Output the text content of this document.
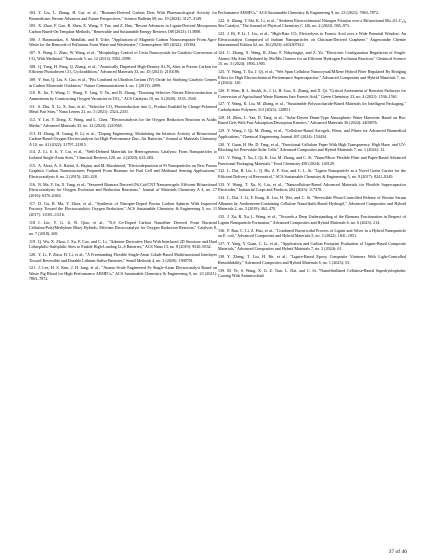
104. Y. Liu, L. Zhang, H. Cai, et al., "Biomass-Derived Carbon Dots With Pharmacological Activity for Biomedicine: Recent Advances and Future Perspectives," Science Bulletin 69, no. 19 (2024): 3127–3149.

105. X. Zhao, F. Gao, B. Shen, X. Wang, T. Yue, and Z. Han, "Recent Advances in Lignin-Derived Mesoporous Carbon Based-On Template Methods," Renewable and Sustainable Energy Reviews 188 (2023): 113808.

106. J. Baranauskas, S. Abdullah, and E. Uche, "Application of Magnetic Carbon Nanocomposite From Agro-Waste for the Removal of Pollutants From Water and Wastewater," Chemosphere 305 (2022): 135384.

107. S. Wang, L. Zhao, W. Wang, et al., "Morphology Control of Ceria Nanocrystals for Catalytic Conversion of CO₂ With Methanol," Nanoscale 5, no. 12 (2013): 5582–5588.

108. Q. Yang, H. Peng, Q. Zhang, et al., "Atomically Dispersed High-Density Al–N₄ Sites in Porous Carbon for Efficient Photodriven CO₂ Cycloaddition," Advanced Materials 33, no. 45 (2021): 2103186.

109. Y. Sun, Q. Liu, S. Gao, et al., "Pits Confined in Ultrathin Cerium (IV) Oxide for Studying Catalytic Centers in Carbon Monoxide Oxidation," Nature Communications 4, no. 1 (2013): 2899.

110. R. Jia, Y. Wang, C. Wang, Y. Ling, Y. Yu, and B. Zhang, "Boosting Selective Nitrate Electroreduction to Ammonium by Constructing Oxygen Vacancies in TiO₂," ACS Catalysis 10, no. 6 (2020): 3533–3540.

111. S. Zhu, X. Li, X. Jiao, et al., "Selective CO₂ Photoreduction into C₂ Product Enabled by Charge-Polarized Metal Pair Sites," Nano Letters 21, no. 5 (2021): 2324–2331.

112. Y. Lin, Y. Dong, X. Wang, and L. Chen, "Electrocatalysts for the Oxygen Reduction Reaction in Acidic Media," Advanced Materials 35, no. 22 (2023): 2210565.

113. H. Zhang, H. Guang, R. Li, et al., "Doping Engineering: Modulating the Intrinsic Activity of Bifunctional Carbon-Based Oxygen Electrocatalysts for High-Performance Zinc–Air Batteries," Journal of Materials Chemistry A 10, no. 41 (2022): 21797–21815.

114. Z. Li, S. Ji, Y. Liu, et al., "Well-Defined Materials for Heterogeneous Catalysis: From Nanoparticles to Isolated Single-Atom Sites," Chemical Reviews 120, no. 2 (2020): 623–682.

115. A. Afraz, A. A. Rafati, A. Hajian, and M. Khoshnood, "Electrodeposition of Pt Nanoparticles on New Porous Graphitic Carbon Nanostructures Prepared From Biomass for Fuel Cell and Methanol Sensing Applications," Electrocatalysis 6, no. 2 (2015): 220–228.

116. N. Ma, Y. Jia, X. Yang, et al., "Seaweed Biomass Derived (Ni,Co)/CNT Nanoaerogels: Efficient Bifunctional Electrocatalysts for Oxygen Evolution and Reduction Reactions," Journal of Materials Chemistry A 4, no. 17 (2016): 6376–6384.

117. D. Gu, R. Ma, Y. Zhou, et al., "Synthesis of Nitrogen-Doped Porous Carbon Spheres With Improved Porosity Toward the Electrocatalytic Oxygen Reduction," ACS Sustainable Chemistry & Engineering 5, no. 11 (2017): 11105–11116.

118. J. Lin, Y. G. Ji, B. Qiao, et al., "N,S Co-Doped Carbon Nanofiber Derived From Bacterial Cellulose/Poly(Methylene Blue) Hybrids: Efficient Electrocatalyst for Oxygen Reduction Reaction," Catalysts 8, no. 7 (2018): 269.

119. Q. Wu, X. Zhou, J. Xu, F. Cao, and C. Li, "Adenine Derivative Host With Interlaced 2D Structure and Dual Lithiophilic-Sulfiphilic Sites to Enable High-Loading Li–S Batteries," ACS Nano 13, no. 8 (2019): 9520–9532.

120. Y. Li, F. Zhou, H. Li, et al., "A Freestanding Flexible Single-Atom Cobalt-Based Multifunctional Interlayer Toward Reversible and Durable Lithium-Sulfur Batteries," Small Methods 4, no. 3 (2020): 1900701.

121. J. Lee, H. S. Kim, J. H. Jang, et al., "Atomic-Scale Engineered Fe Single-Atom Electrocatalyst Based on Waste Pig Blood for High-Performance AEMFCs," ACS Sustainable Chemistry & Engineering 9, no. 23 (2021): 7863–7872.

Performance AEMFCs," ACS Sustainable Chemistry & Engineering 9, no. 23 (2021): 7863–7872.

122. S. Zhang, T. Shi, K. Li, et al., "Ambient Electrochemical Nitrogen Fixation over a Bifunctional Mo–(O–C₂)₄ Site Catalyst," The Journal of Physical Chemistry C 126, no. 2 (2022): 965–973.

123. J. Bi, P. Li, J. Liu, et al., "High-Rate CO₂ Electrolysis to Formic Acid over a Wide Potential Window: An Electrocatalyst Comprised of Indium Nanoparticles on Chitosan-Derived Graphene," Angewandte Chemie International Edition 62, no. 36 (2023): e202307612.

124. C. Zhang, X. Wang, R. Zhao, F. Ndayiragije, and Z. Yu, "Electronic Configuration Regulation of Single-Atomic Mn Sites Mediated by Mo/Mn Clusters for an Efficient Hydrogen Evolution Reaction," Chemical Science 15, no. 5 (2024): 1894–1905.

125. Y. Wang, T. Xu, J. Qi, et al., "Wet Spun Cellulose Nanocrystal/MXene Hybrid Fiber Regulated By Bridging Effect for High Electrochemical Performance Supercapacitor," Advanced Composites and Hybrid Materials 7, no. 4 (2024): 120.

126. F. Shen, R. L. Smith, Jr., J. Li, H. Guo, X. Zhang, and X. Qi, "Critical Assessment of Reaction Pathways for Conversion of Agricultural Waste Biomass Into Formic Acid," Green Chemistry 23, no. 4 (2021): 1536–1561.

127. Y. Wang, K. Liu, M. Zhang, et al., "Sustainable Polysaccharide-Based Materials for Intelligent Packaging," Carbohydrate Polymers 313 (2023): 120851.

128. H. Zhou, L. Yan, D. Tang, et al., "Solar-Driven Drum-Type Atmospheric Water Harvester Based on Bio-Based Gels With Fast Adsorption/Desorption Kinetics," Advanced Materials 36 (2024): 2403876.

129. Y. Wang, J. Qi, M. Zhang, et al., "Cellulose-Based Aerogels, Films, and Fibers for Advanced Biomedical Applications," Chemical Engineering Journal 497 (2024): 154434.

130. Y. Guan, H. He, D. Tang, et al., "Functional Cellulose Paper With High Transparency, High Haze, and UV-Blocking for Perovskite Solar Cells," Advanced Composites and Hybrid Materials 7, no. 1 (2024): 12.

131. Y. Wang, T. Xu, J. Qi, K. Liu, M. Zhang, and C. Si, "Nano/Micro Flexible Fiber and Paper-Based Advanced Functional Packaging Materials," Food Chemistry 458 (2024): 140129.

132. L. Dai, R. Liu, L. Q. Hu, Z. F. Zou, and C. L. Si, "Lignin Nanoparticle as a Novel Green Carrier for the Efficient Delivery of Resveratrol," ACS Sustainable Chemistry & Engineering 5, no. 9 (2017): 8241–8249.

133. Y. Wang, T. Xu, K. Liu, et al., "Nanocellulose-Based Advanced Materials for Flexible Supercapacitor Electrodes," Industrial Crops and Products 204 (2023): 117378.

134. L. Dai, J. Li, F. Kong, K. Liu, H. Wei, and C. Si, "Reversible Photo-Controlled Release of Bovine Serum Albumin by Azobenzene-Containing Cellulose Nanofibrils-Based Hydrogel," Advanced Composites and Hybrid Materials 2, no. 3 (2019): 462–470.

135. J. Xu, R. Xu, L. Wang, et al., "Towards a Deep Understanding of the Biomass Fractionation in Respect of Lignin Nanoparticle Formation," Advanced Composites and Hybrid Materials 6, no. 6 (2023): 214.

136. F. Ran, C. Li, Z. Hao, et al., "Combined Bactericidal Process of Lignin and Silver in a Hybrid Nanoparticle on E. coli," Advanced Composites and Hybrid Materials 5, no. 3 (2022): 1841–1851.

137. Y. Yang, Y. Guan, C. Li, et al., "Application and Carbon Footprint Evaluation of Lignin-Based Composite Materials," Advanced Composites and Hybrid Materials 7, no. 2 (2024): 61.

138. Y. Zheng, T. Liu, H. He, et al., "Lignin-Based Epoxy Composite Vitrimers With Light-Controlled Remoldability," Advanced Composites and Hybrid Materials 6, no. 1 (2023): 53.

139. M. Ye, S. Wang, X. Ji, Z. Tian, L. Dai, and C. Si, "Nanofibrillated Cellulose-Based Superhydrophobic Coating With Antimicrobial

37 of 46
